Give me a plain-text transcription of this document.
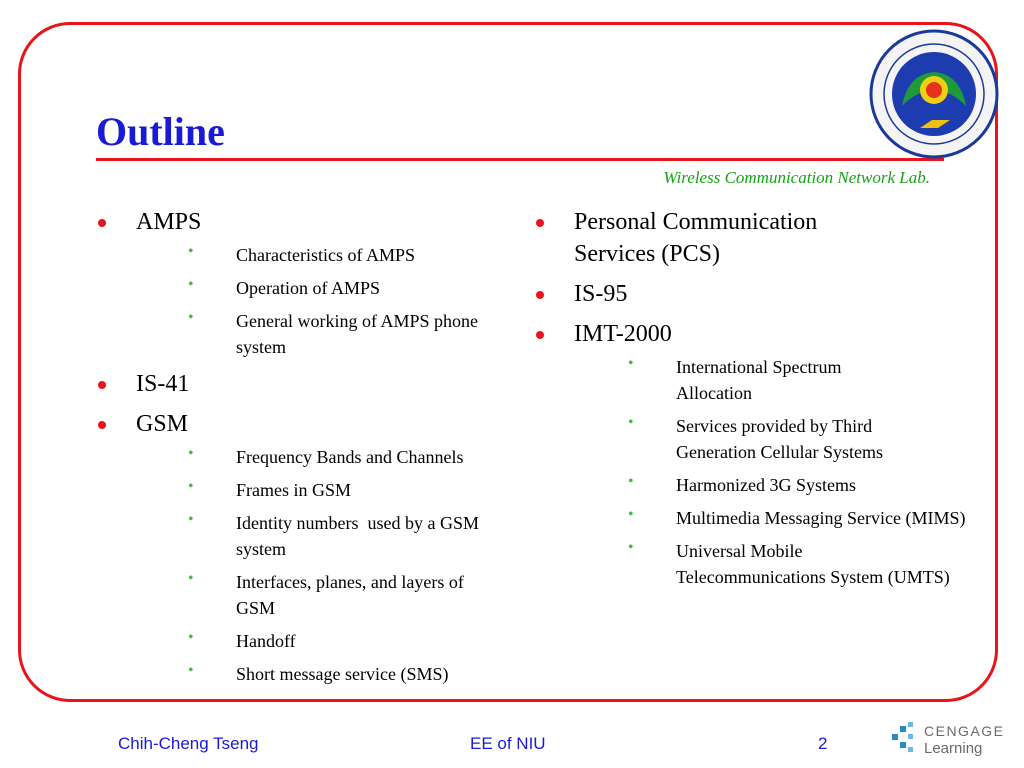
Outline
Wireless Communication Network Lab.
AMPS
• Characteristics of AMPS
• Operation of AMPS
• General working of AMPS phone system
IS-41
GSM
• Frequency Bands and Channels
• Frames in GSM
• Identity numbers  used by a GSM system
• Interfaces, planes, and layers of GSM
• Handoff
• Short message service (SMS)
Personal Communication Services (PCS)
IS-95
IMT-2000
• International Spectrum Allocation
• Services provided by Third Generation Cellular Systems
• Harmonized 3G Systems
• Multimedia Messaging Service (MIMS)
• Universal Mobile Telecommunications System (UMTS)
Chih-Cheng Tseng	EE of NIU	2
CENGAGE
Learning
